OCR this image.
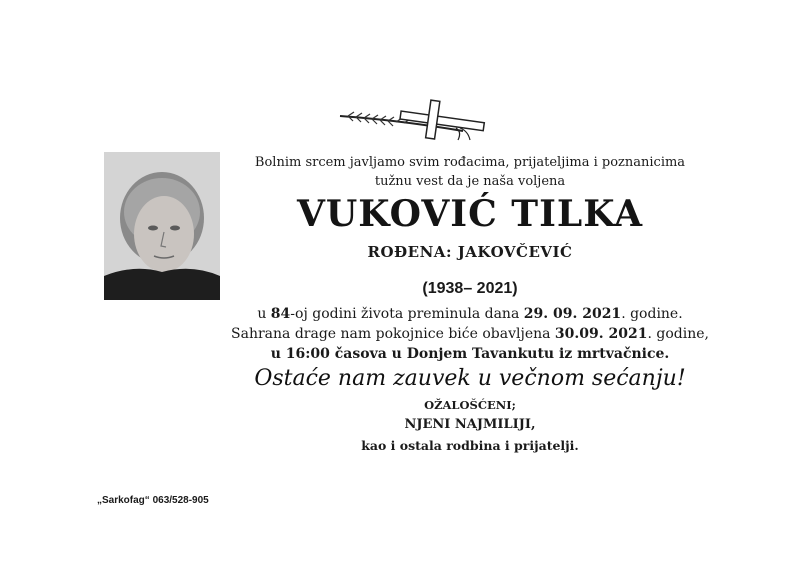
Bolnim srcem javljamo svim rođacima, prijateljima i poznanicima
tužnu vest da je naša voljena
VUKOVIĆ TILKA
ROĐENA: JAKOVČEVIĆ
(1938– 2021)
u 84-oj godini života preminula dana 29. 09. 2021. godine.
Sahrana drage nam pokojnice biće obavljena 30.09. 2021. godine,
u 16:00 časova u Donjem Tavankutu iz mrtvačnice.
Ostaće nam zauvek u večnom sećanju!
OŽALOŠĆENI;
NJENI NAJMILIJI,
kao i ostala rodbina i prijatelji.
„Sarkofag“ 063/528-905
